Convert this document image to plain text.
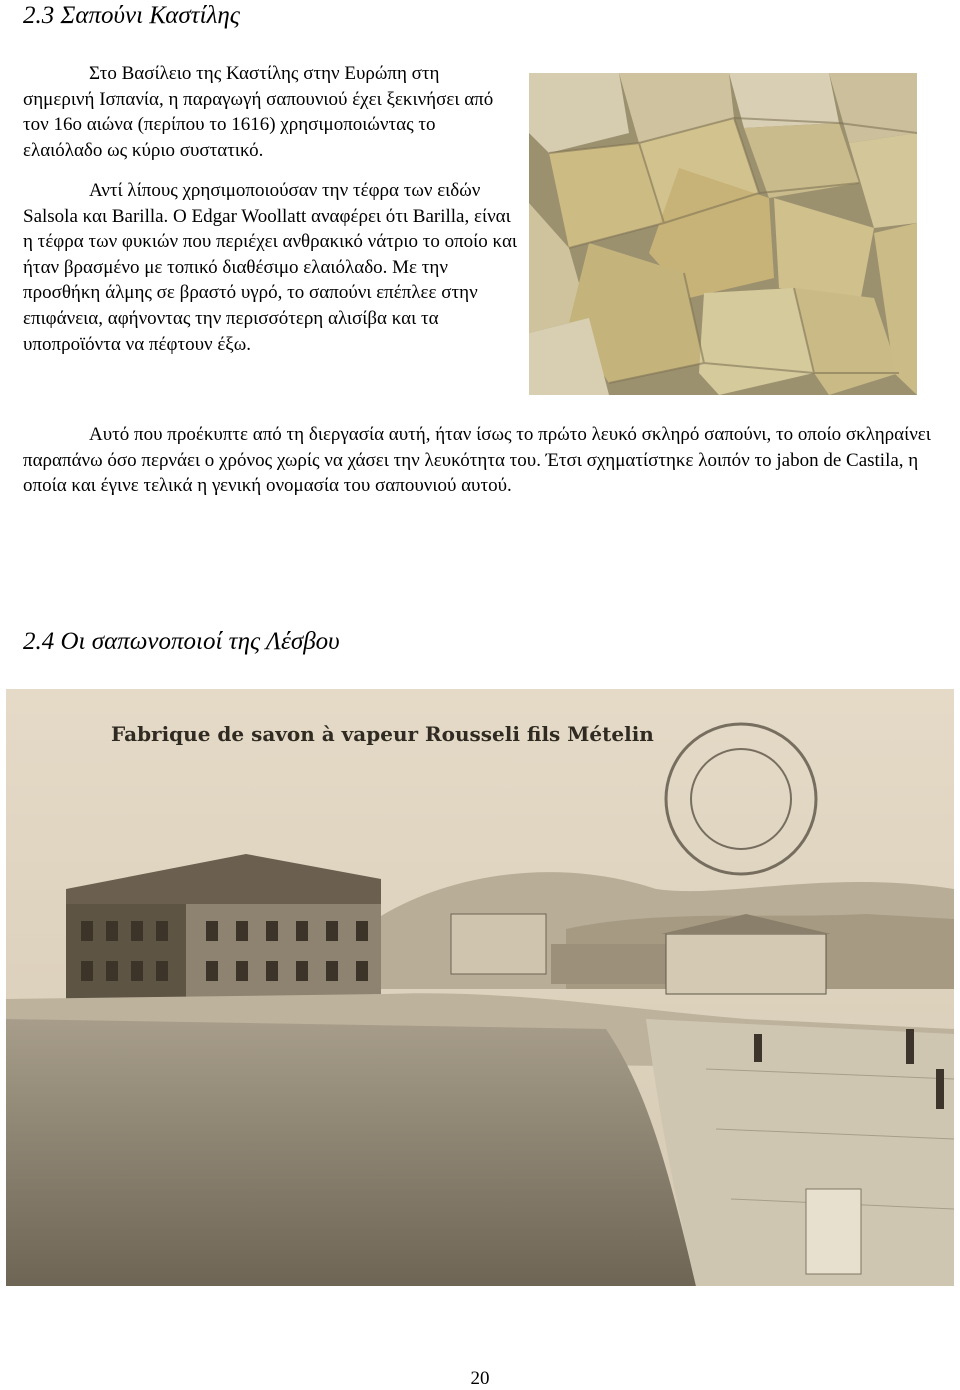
2.3 Σαπούνι Καστίλης

Στο Βασίλειο της Καστίλης στην Ευρώπη στη σημερινή Ισπανία, η παραγωγή σαπουνιού έχει ξεκινήσει από τον 16ο αιώνα (περίπου το 1616) χρησιμοποιώντας το ελαιόλαδο ως κύριο συστατικό.

Αντί λίπους χρησιμοποιούσαν την τέφρα των ειδών Salsola και Barilla. Ο Edgar Woollatt αναφέρει ότι Barilla, είναι η τέφρα των φυκιών που περιέχει ανθρακικό νάτριο το οποίο και ήταν βρασμένο με τοπικό διαθέσιμο ελαιόλαδο. Με την προσθήκη άλμης σε βραστό υγρό, το σαπούνι επέπλεε στην επιφάνεια, αφήνοντας την περισσότερη αλισίβα και τα υποπροϊόντα να πέφτουν έξω.

Αυτό που προέκυπτε από τη διεργασία αυτή, ήταν ίσως το πρώτο λευκό σκληρό σαπούνι, το οποίο σκληραίνει παραπάνω όσο περνάει ο χρόνος χωρίς να χάσει την λευκότητα του. Έτσι σχηματίστηκε λοιπόν το jabon de Castila, η οποία και έγινε τελικά η γενική ονομασία του σαπουνιού αυτού.

2.4 Οι σαπωνοποιοί της Λέσβου
Fabrique de savon à vapeur Rousseli fils Mételin
20
